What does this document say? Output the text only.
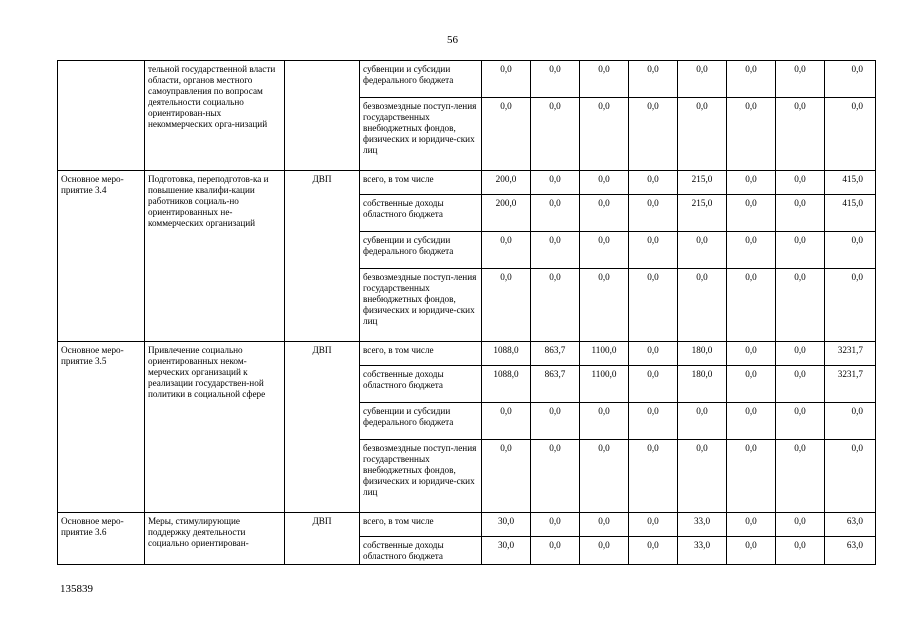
56
	тельной государственной власти области, органов местного самоуправления по вопросам деятельности социально ориентирован-ных некоммерческих орга-низаций		субвенции и субсидии федерального бюджета	0,0	0,0	0,0	0,0	0,0	0,0	0,0	0,0
			безвозмездные поступ-ления государственных внебюджетных фондов, физических и юридиче-ских лиц	0,0	0,0	0,0	0,0	0,0	0,0	0,0	0,0
Основное меро-приятие 3.4	Подготовка, переподготов-ка и повышение квалифи-кации работников социаль-но ориентированных не-коммерческих организаций	ДВП	всего, в том числе	200,0	0,0	0,0	0,0	215,0	0,0	0,0	415,0
			собственные доходы областного бюджета	200,0	0,0	0,0	0,0	215,0	0,0	0,0	415,0
			субвенции и субсидии федерального бюджета	0,0	0,0	0,0	0,0	0,0	0,0	0,0	0,0
			безвозмездные поступ-ления государственных внебюджетных фондов, физических и юридиче-ских лиц	0,0	0,0	0,0	0,0	0,0	0,0	0,0	0,0
Основное меро-приятие 3.5	Привлечение социально ориентированных неком-мерческих организаций к реализации государствен-ной политики в социальной сфере	ДВП	всего, в том числе	1088,0	863,7	1100,0	0,0	180,0	0,0	0,0	3231,7
			собственные доходы областного бюджета	1088,0	863,7	1100,0	0,0	180,0	0,0	0,0	3231,7
			субвенции и субсидии федерального бюджета	0,0	0,0	0,0	0,0	0,0	0,0	0,0	0,0
			безвозмездные поступ-ления государственных внебюджетных фондов, физических и юридиче-ских лиц	0,0	0,0	0,0	0,0	0,0	0,0	0,0	0,0
Основное меро-приятие 3.6	Меры, стимулирующие поддержку деятельности социально ориентирован-	ДВП	всего, в том числе	30,0	0,0	0,0	0,0	33,0	0,0	0,0	63,0
			собственные доходы областного бюджета	30,0	0,0	0,0	0,0	33,0	0,0	0,0	63,0
135839
